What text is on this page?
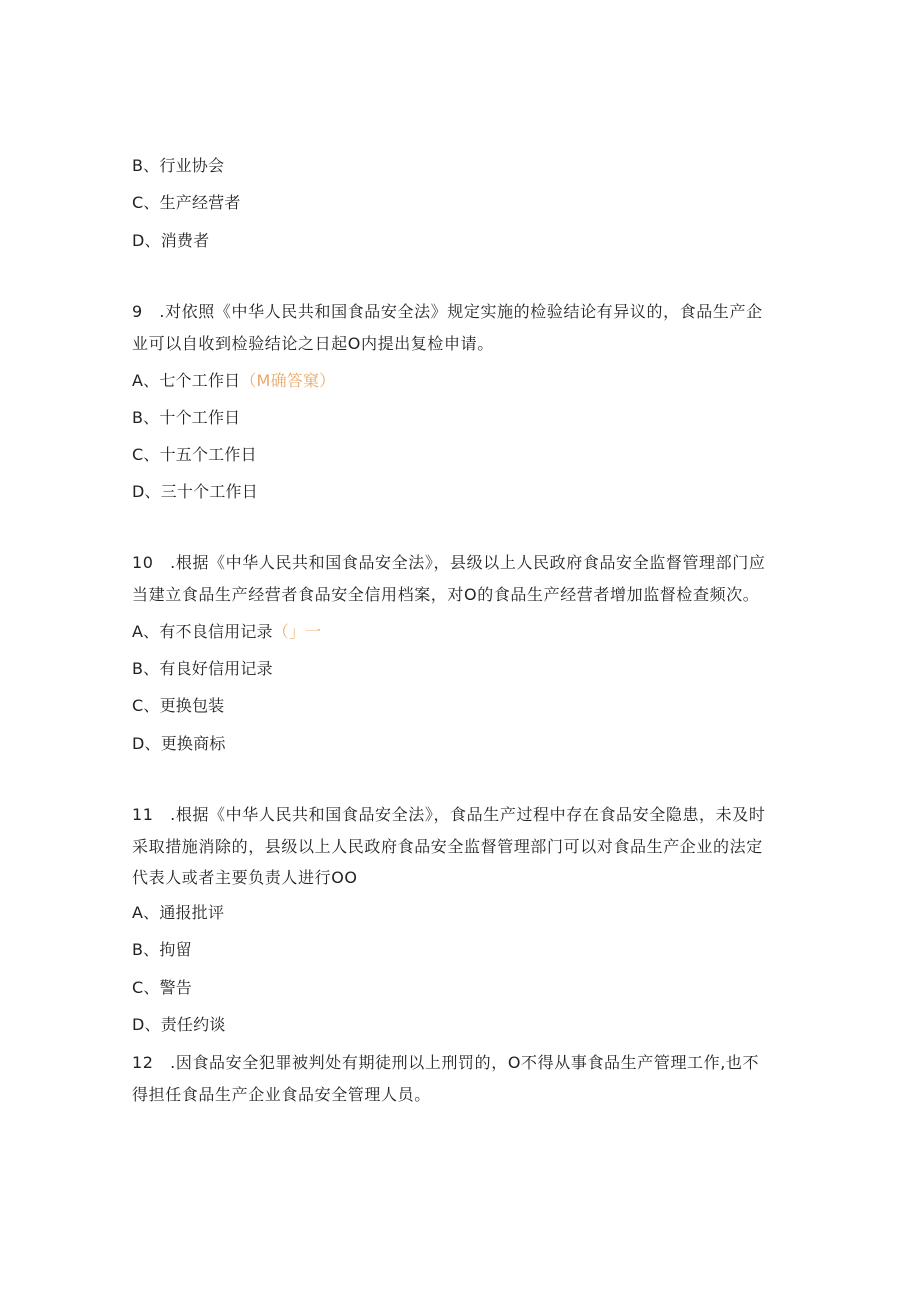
B、行业协会
C、生产经营者
D、消费者
9　.对依照《中华人民共和国食品安全法》规定实施的检验结论有异议的，食品生产企
业可以自收到检验结论之日起O内提出复检申请。
A、七个工作日（M确答窠）
B、十个工作日
C、十五个工作日
D、三十个工作日
10　.根据《中华人民共和国食品安全法》，县级以上人民政府食品安全监督管理部门应
当建立食品生产经营者食品安全信用档案，对O的食品生产经营者增加监督检查频次。
A、有不良信用记录（」一
B、有良好信用记录
C、更换包装
D、更换商标
11　.根据《中华人民共和国食品安全法》，食品生产过程中存在食品安全隐患，未及时
采取措施消除的，县级以上人民政府食品安全监督管理部门可以对食品生产企业的法定
代表人或者主要负责人进行OO
A、通报批评
B、拘留
C、警告
D、责任约谈
12　.因食品安全犯罪被判处有期徒刑以上刑罚的，O不得从事食品生产管理工作,也不
得担任食品生产企业食品安全管理人员。
